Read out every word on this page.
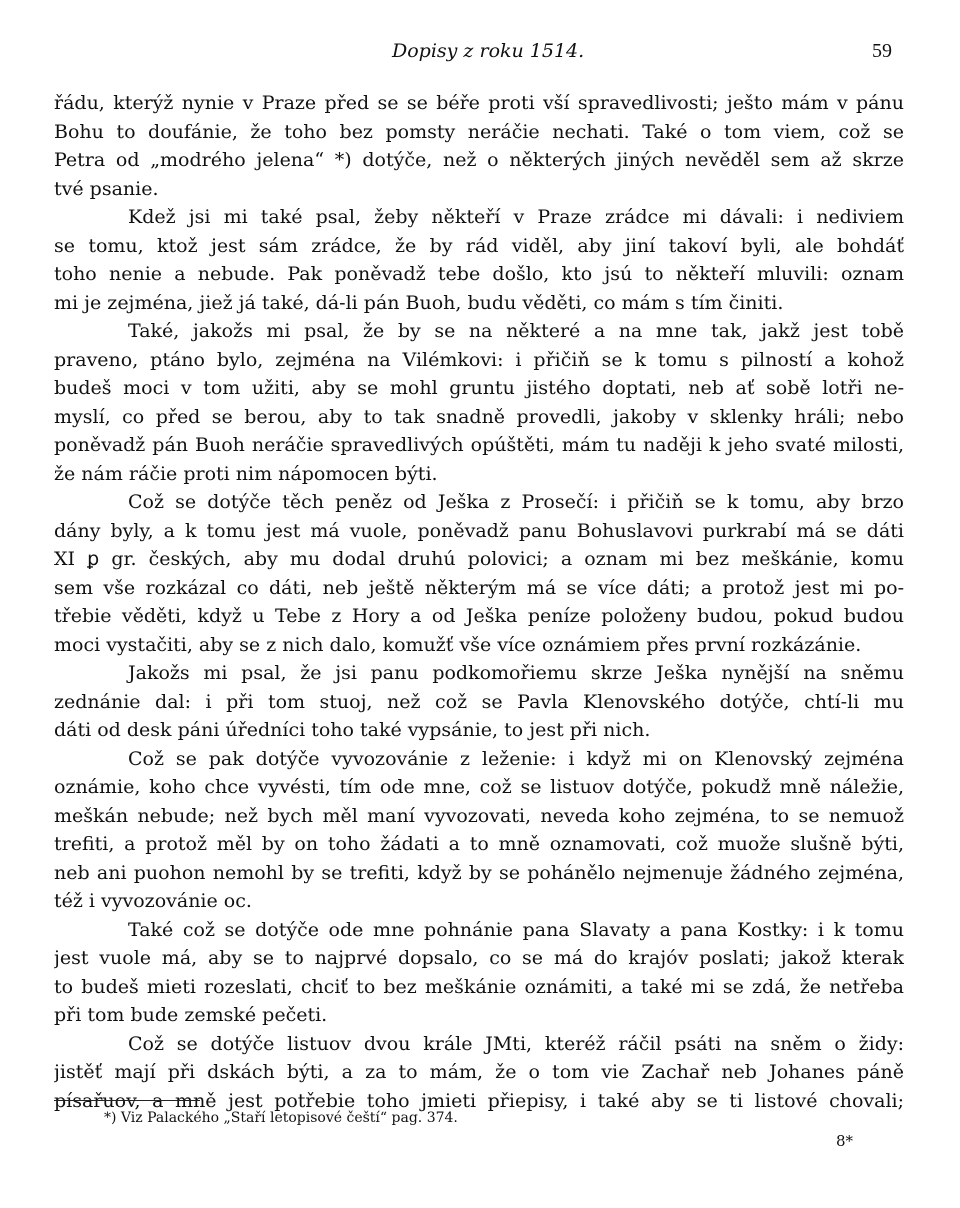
Dopisy z roku 1514.	59
řádu, kterýž nynie v Praze před se se béře proti vší spravedlivosti; ještо mám v pánu
Bohu to doufánie, že toho bez pomsty neráčie nechati. Také o tom viem, což se
Petra od „modrého jelena“ *) dotýče, než o některých jiných nevěděl sem až skrze
tvé psanie.
Kdež jsi mi také psal, žeby někteří v Praze zrádce mi dávali: i nediviem
se tomu, ktož jest sám zrádce, že by rád viděl, aby jiní takoví byli, ale bohdáť
toho nenie a nebude. Pak poněvadž tebe došlo, kto jsú to někteří mluvili: oznam
mi je zejména, jiež já také, dá-li pán Buoh, budu věděti, co mám s tím činiti.
Také, jakožs mi psal, že by se na některé a na mne tak, jakž jest tobě
praveno, ptáno bylo, zejména na Vilémkovi: i přičiň se k tomu s pilností a kohož
budeš moci v tom užiti, aby se mohl gruntu jistého doptati, neb ať sobě lotři ne-
myslí, co před se berou, aby to tak snadně provedli, jakoby v sklenky hráli; nebo
poněvadž pán Buoh neráčie spravedlivých opúštěti, mám tu naději k jeho svaté milosti,
že nám ráčie proti nim nápomocen býti.
Což se dotýče těch peněz od Ješka z Prosečí: i přičiň se k tomu, aby brzo
dány byly, a k tomu jest má vuole, poněvadž panu Bohuslavovi purkrabí má se dáti
XI ꝑ gr. českých, aby mu dodal druhú polovici; a oznam mi bez meškánie, komu
sem vše rozkázal co dáti, neb ještě některým má se více dáti; a protož jest mi po-
třebie věděti, když u Tebe z Hory a od Ješka peníze položeny budou, pokud budou
moci vystačiti, aby se z nich dalo, komužť vše více oznámiem přes první rozkázánie.
Jakožs mi psal, že jsi panu podkomořiemu skrze Ješka nynější na sněmu
zednánie dal: i při tom stuoj, než což se Pavla Klenovského dotýče, chtí-li mu
dáti od desk páni úředníci toho také vypsánie, to jest při nich.
Což se pak dotýče vyvozovánie z leženie: i když mi on Klenovský zejména
oznámie, koho chce vyvésti, tím ode mne, což se listuov dotýče, pokudž mně náležie,
meškán nebude; než bych měl maní vyvozovati, neveda koho zejména, to se nemuož
trefiti, a protož měl by on toho žádati a to mně oznamovati, což muože slušně býti,
neb ani puohon nemohl by se trefiti, když by se pohánělo nejmenuje žádného zejména,
též i vyvozovánie oc.
Také což se dotýče ode mne pohnánie pana Slavaty a pana Kostky: i k tomu
jest vuole má, aby se to najprvé dopsalo, co se má do krajóv poslati; jakož kterak
to budeš mieti rozeslati, chciť to bez meškánie oznámiti, a také mi se zdá, že netřeba
při tom bude zemské pečeti.
Což se dotýče listuov dvou krále JMti, kteréž ráčil psáti na sněm o židy:
jistěť mají při dskách býti, a za to mám, že o tom vie Zachař neb Johanes páně
písařuov, a mně jest potřebie toho jmieti přiepisy, i také aby se ti listové chovali;
*) Viz Palackého „Staří letopisové čeští“ pag. 374.
8*
